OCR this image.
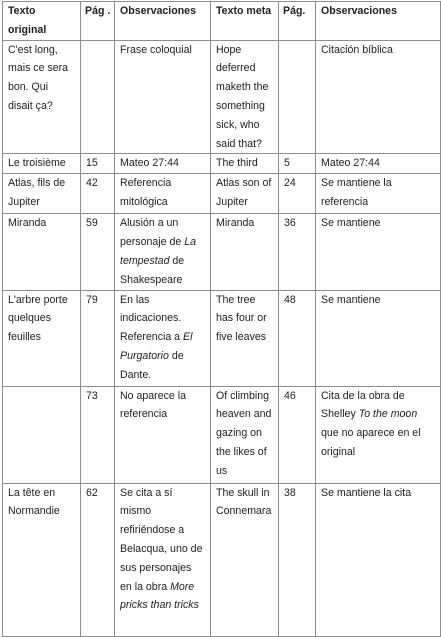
Texto original	Pág .	Observaciones	Texto meta	Pág.	Observaciones
C'est long, mais ce sera bon. Qui disait ça?		Frase coloquial	Hope deferred maketh the something sick, who said that?		Citación bíblica
Le troisième	15	Mateo 27:44	The third	5	Mateo 27:44
Atlas, fils de Jupiter	42	Referencia mitológica	Atlas son of Jupiter	24	Se mantiene la referencia
Miranda	59	Alusión a un personaje de La tempestad de Shakespeare	Miranda	36	Se mantiene
L'arbre porte quelques feuilles	79	En las indicaciones. Referencia a El Purgatorio de Dante.	The tree has four or five leaves	48	Se mantiene
	73	No aparece la referencia	Of climbing heaven and gazing on the likes of us	46	Cita de la obra de Shelley To the moon que no aparece en el original
La tête en Normandie	62	Se cita a sí mismo refiriéndose a Belacqua, uno de sus personajes en la obra More pricks than tricks	The skull in Connemara	38	Se mantiene la cita
